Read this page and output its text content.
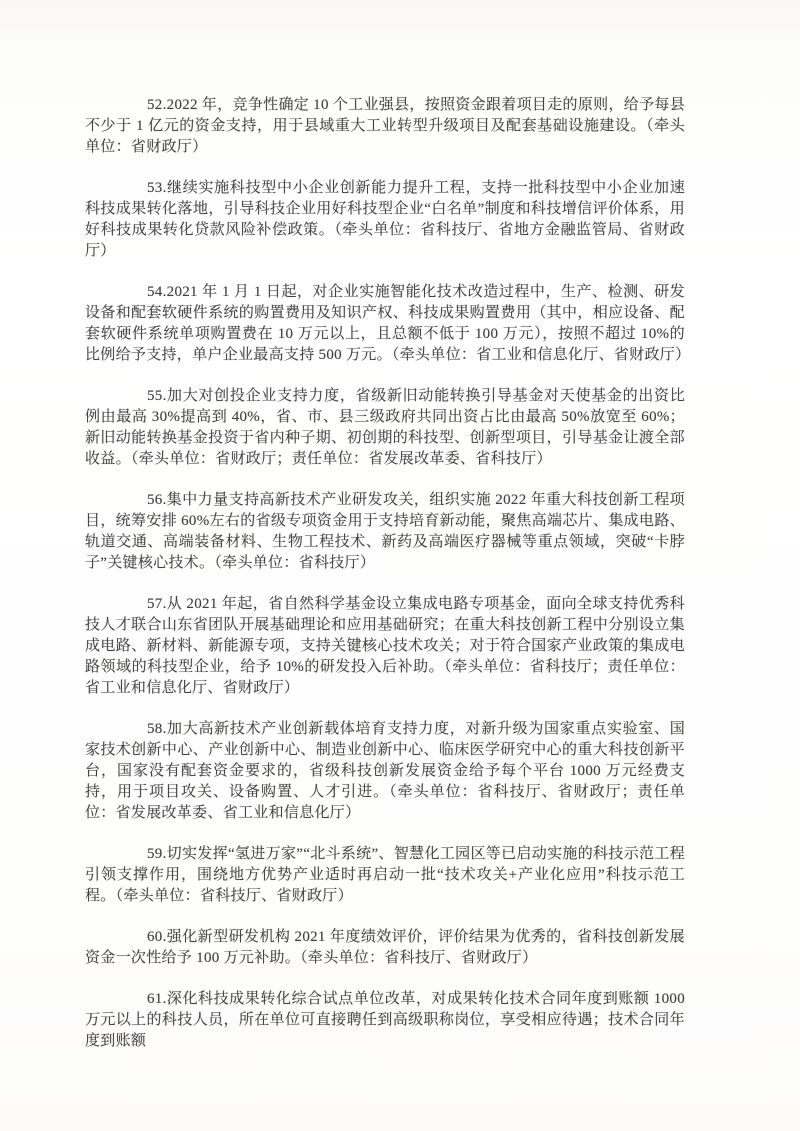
52.2022 年，竞争性确定 10 个工业强县，按照资金跟着项目走的原则，给予每县不少于 1 亿元的资金支持，用于县域重大工业转型升级项目及配套基础设施建设。（牵头单位：省财政厅）

53.继续实施科技型中小企业创新能力提升工程，支持一批科技型中小企业加速科技成果转化落地，引导科技企业用好科技型企业“白名单”制度和科技增信评价体系，用好科技成果转化贷款风险补偿政策。（牵头单位：省科技厅、省地方金融监管局、省财政厅）

54.2021 年 1 月 1 日起，对企业实施智能化技术改造过程中，生产、检测、研发设备和配套软硬件系统的购置费用及知识产权、科技成果购置费用（其中，相应设备、配套软硬件系统单项购置费在 10 万元以上，且总额不低于 100 万元），按照不超过 10%的比例给予支持，单户企业最高支持 500 万元。（牵头单位：省工业和信息化厅、省财政厅）

55.加大对创投企业支持力度，省级新旧动能转换引导基金对天使基金的出资比例由最高 30%提高到 40%，省、市、县三级政府共同出资占比由最高 50%放宽至 60%；新旧动能转换基金投资于省内种子期、初创期的科技型、创新型项目，引导基金让渡全部收益。（牵头单位：省财政厅；责任单位：省发展改革委、省科技厅）

56.集中力量支持高新技术产业研发攻关，组织实施 2022 年重大科技创新工程项目，统筹安排 60%左右的省级专项资金用于支持培育新动能，聚焦高端芯片、集成电路、轨道交通、高端装备材料、生物工程技术、新药及高端医疗器械等重点领域，突破“卡脖子”关键核心技术。（牵头单位：省科技厅）

57.从 2021 年起，省自然科学基金设立集成电路专项基金，面向全球支持优秀科技人才联合山东省团队开展基础理论和应用基础研究；在重大科技创新工程中分别设立集成电路、新材料、新能源专项，支持关键核心技术攻关；对于符合国家产业政策的集成电路领域的科技型企业，给予 10%的研发投入后补助。（牵头单位：省科技厅；责任单位：省工业和信息化厅、省财政厅）

58.加大高新技术产业创新载体培育支持力度，对新升级为国家重点实验室、国家技术创新中心、产业创新中心、制造业创新中心、临床医学研究中心的重大科技创新平台，国家没有配套资金要求的，省级科技创新发展资金给予每个平台 1000 万元经费支持，用于项目攻关、设备购置、人才引进。（牵头单位：省科技厅、省财政厅；责任单位：省发展改革委、省工业和信息化厅）

59.切实发挥“氢进万家”“北斗系统”、智慧化工园区等已启动实施的科技示范工程引领支撑作用，围绕地方优势产业适时再启动一批“技术攻关+产业化应用”科技示范工程。（牵头单位：省科技厅、省财政厅）

60.强化新型研发机构 2021 年度绩效评价，评价结果为优秀的，省科技创新发展资金一次性给予 100 万元补助。（牵头单位：省科技厅、省财政厅）

61.深化科技成果转化综合试点单位改革，对成果转化技术合同年度到账额 1000 万元以上的科技人员，所在单位可直接聘任到高级职称岗位，享受相应待遇；技术合同年度到账额
